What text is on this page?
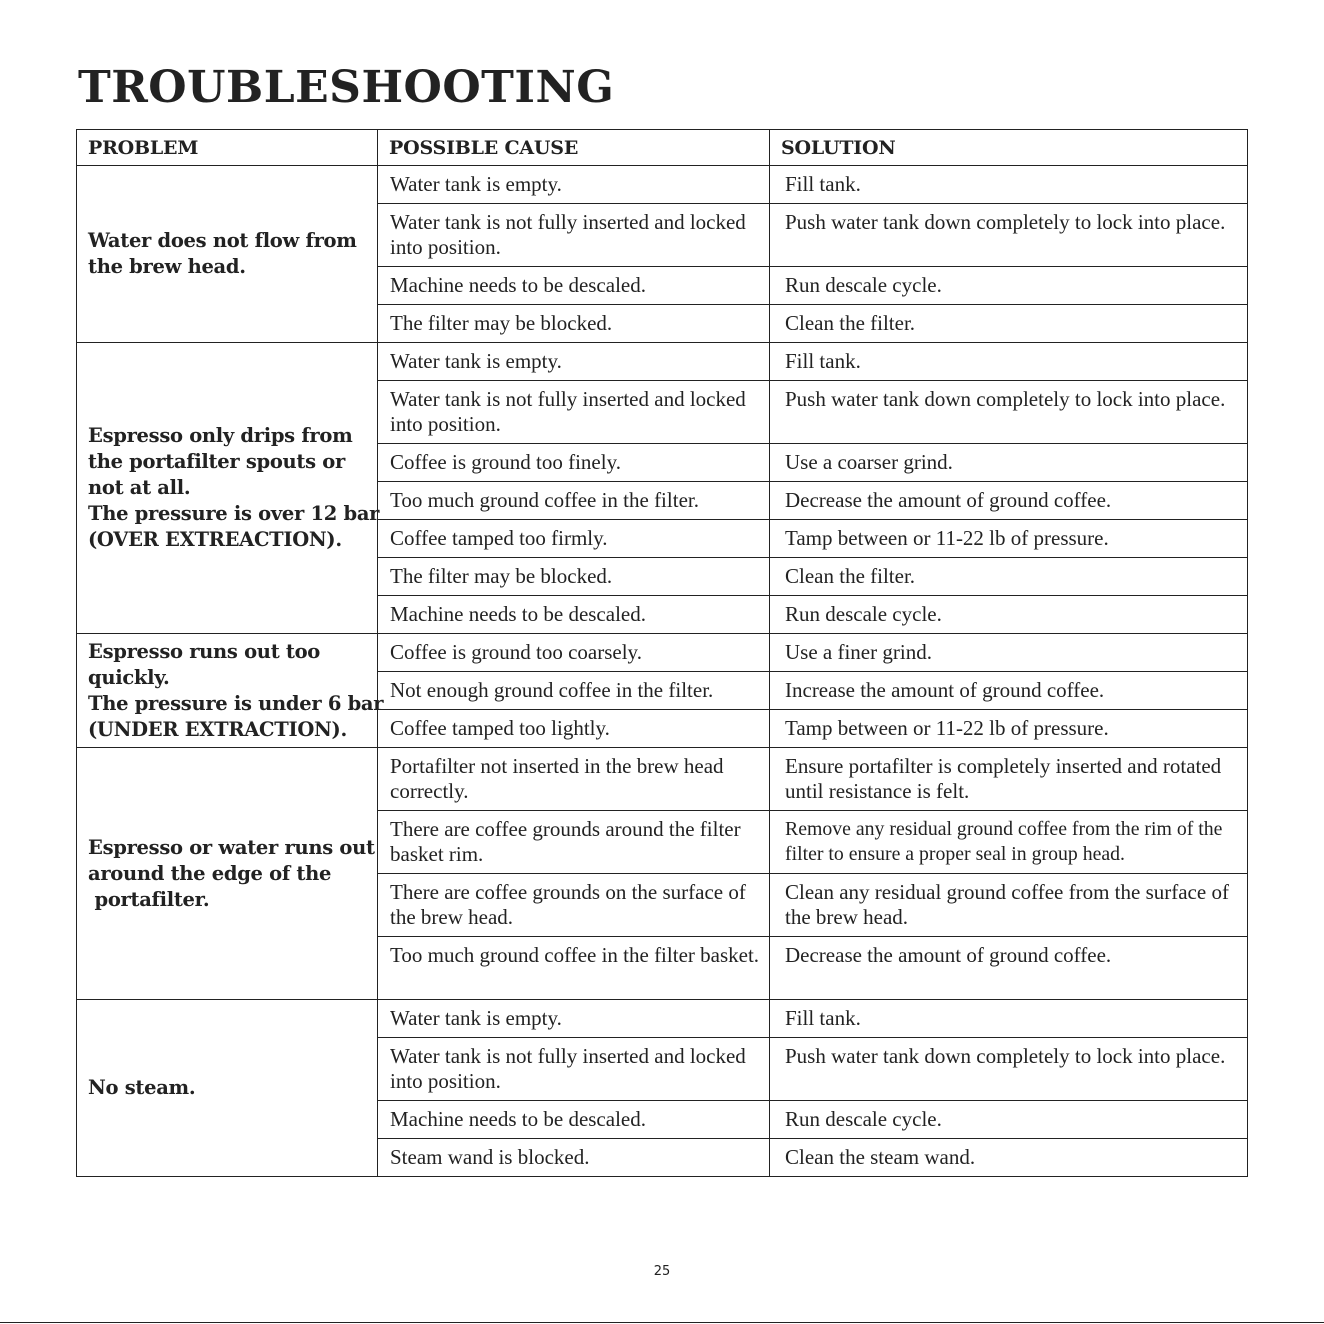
TROUBLESHOOTING
PROBLEM	POSSIBLE CAUSE	SOLUTION

Water does not flow from
the brew head.	Water tank is empty.	Fill tank.
	Water tank is not fully inserted and locked into position.	Push water tank down completely to lock into place.
	Machine needs to be descaled.	Run descale cycle.
	The filter may be blocked.	Clean the filter.

Espresso only drips from
the portafilter spouts or
not at all.
The pressure is over 12 bar
(OVER EXTREACTION).	Water tank is empty.	Fill tank.
	Water tank is not fully inserted and locked into position.	Push water tank down completely to lock into place.
	Coffee is ground too finely.	Use a coarser grind.
	Too much ground coffee in the filter.	Decrease the amount of ground coffee.
	Coffee tamped too firmly.	Tamp between or 11-22 lb of pressure.
	The filter may be blocked.	Clean the filter.
	Machine needs to be descaled.	Run descale cycle.

Espresso runs out too
quickly.
The pressure is under 6 bar
(UNDER EXTRACTION).	Coffee is ground too coarsely.	Use a finer grind.
	Not enough ground coffee in the filter.	Increase the amount of ground coffee.
	Coffee tamped too lightly.	Tamp between or 11-22 lb of pressure.

Espresso or water runs out
around the edge of the
portafilter.	Portafilter not inserted in the brew head correctly.	Ensure portafilter is completely inserted and rotated until resistance is felt.
	There are coffee grounds around the filter basket rim.	Remove any residual ground coffee from the rim of the filter to ensure a proper seal in group head.
	There are coffee grounds on the surface of the brew head.	Clean any residual ground coffee from the surface of the brew head.
	Too much ground coffee in the filter basket.	Decrease the amount of ground coffee.

No steam.	Water tank is empty.	Fill tank.
	Water tank is not fully inserted and locked into position.	Push water tank down completely to lock into place.
	Machine needs to be descaled.	Run descale cycle.
	Steam wand is blocked.	Clean the steam wand.
25
